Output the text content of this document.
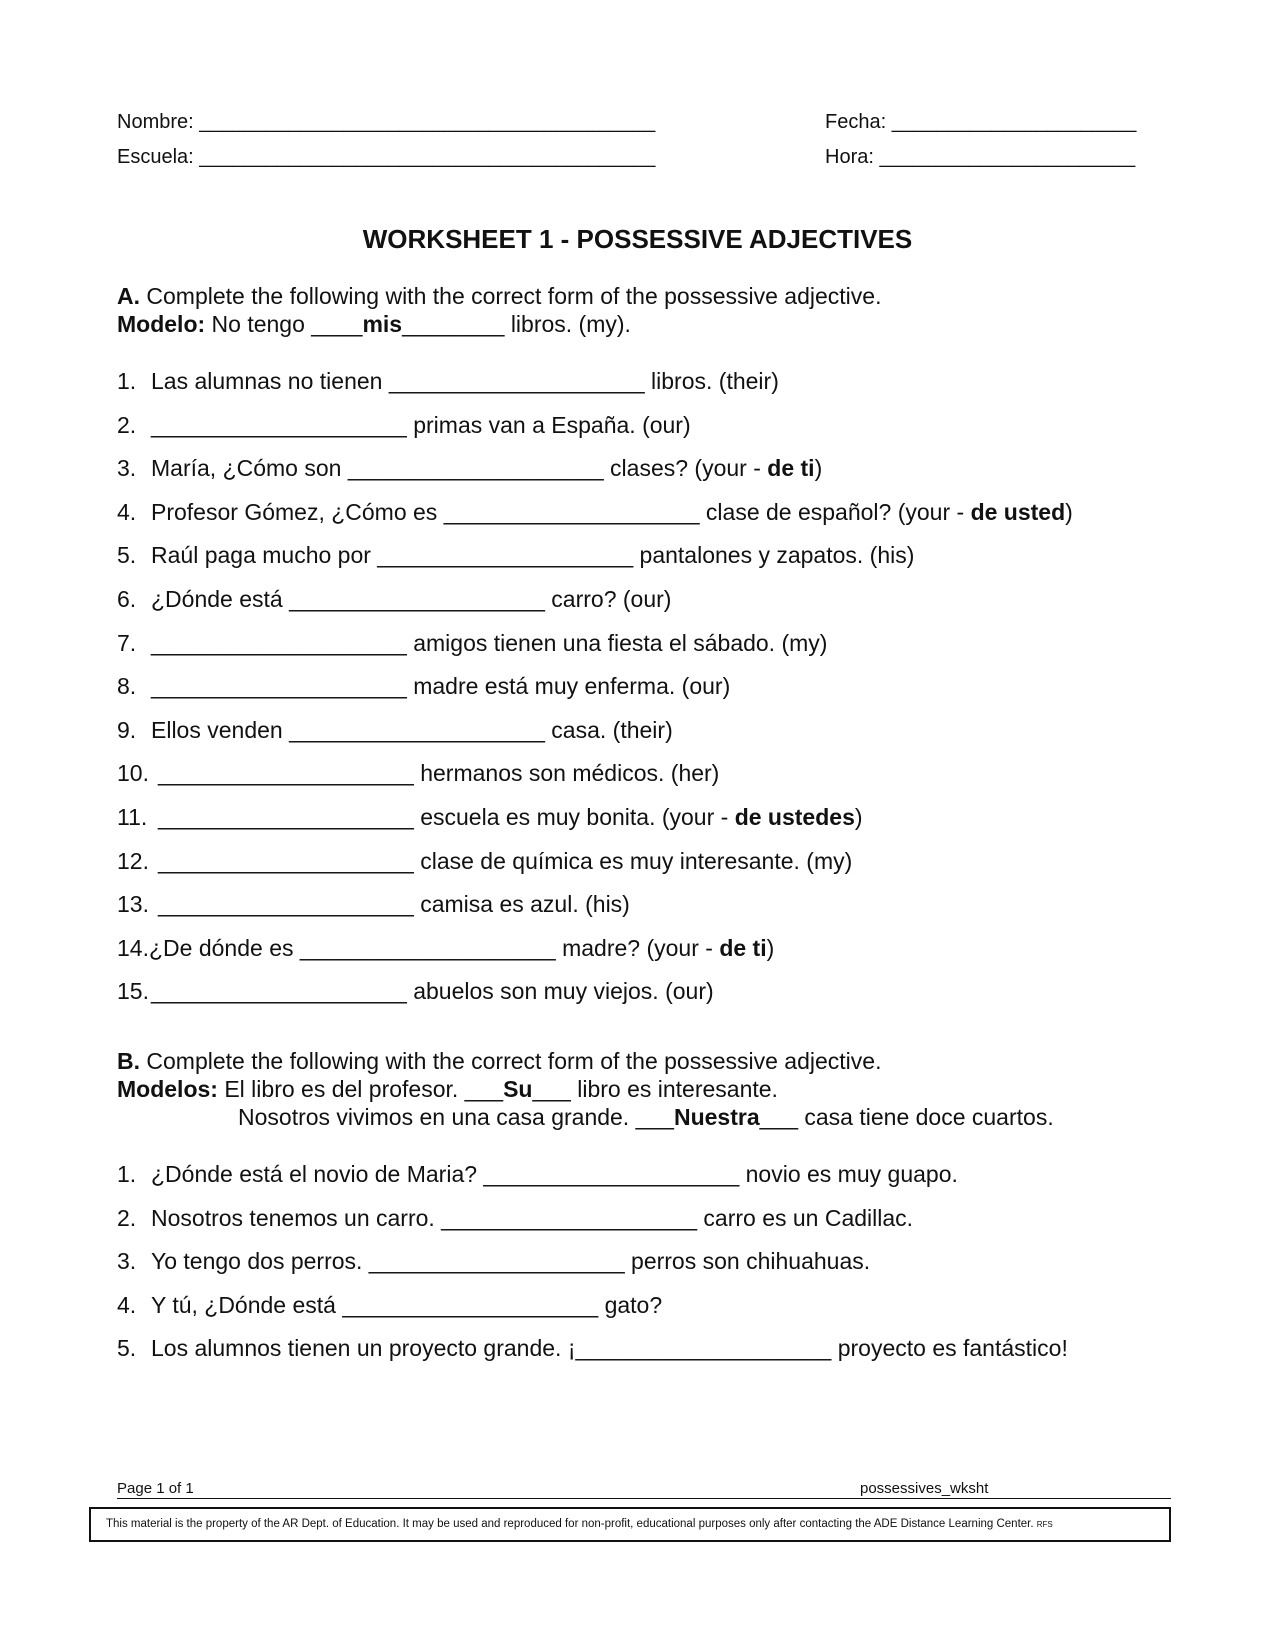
Nombre: _________________________________________	Fecha: ______________________
Escuela: _________________________________________	Hora: _______________________
WORKSHEET 1 - POSSESSIVE ADJECTIVES
A. Complete the following with the correct form of the possessive adjective.
Modelo: No tengo ____mis________ libros. (my).
1. Las alumnas no tienen ____________________ libros. (their)
2. ____________________ primas van a España. (our)
3. María, ¿Cómo son ____________________ clases? (your - de ti)
4. Profesor Gómez, ¿Cómo es ____________________ clase de español? (your - de usted)
5. Raúl paga mucho por ____________________ pantalones y zapatos. (his)
6. ¿Dónde está ____________________ carro? (our)
7. ____________________ amigos tienen una fiesta el sábado. (my)
8. ____________________ madre está muy enferma. (our)
9. Ellos venden ____________________ casa. (their)
10. ____________________ hermanos son médicos. (her)
11. ____________________ escuela es muy bonita. (your - de ustedes)
12. ____________________ clase de química es muy interesante. (my)
13. ____________________ camisa es azul. (his)
14. ¿De dónde es ____________________ madre? (your - de ti)
15. ____________________ abuelos son muy viejos. (our)
B. Complete the following with the correct form of the possessive adjective.
Modelos: El libro es del profesor. ___Su___ libro es interesante.
Nosotros vivimos en una casa grande. ___Nuestra___ casa tiene doce cuartos.
1. ¿Dónde está el novio de Maria? ____________________ novio es muy guapo.
2. Nosotros tenemos un carro. ____________________ carro es un Cadillac.
3. Yo tengo dos perros. ____________________ perros son chihuahuas.
4. Y tú, ¿Dónde está ____________________ gato?
5. Los alumnos tienen un proyecto grande. ¡____________________ proyecto es fantástico!
Page 1 of 1	possessives_wksht
This material is the property of the AR Dept. of Education. It may be used and reproduced for non-profit, educational purposes only after contacting the ADE Distance Learning Center. RFS
